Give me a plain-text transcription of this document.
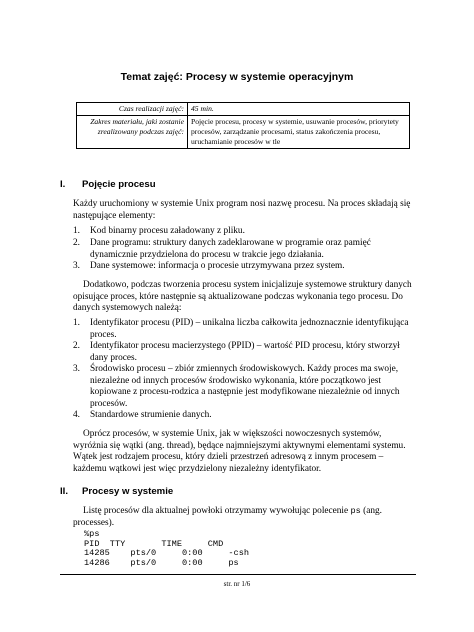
Temat zajęć: Procesy w systemie operacyjnym
Czas realizacji zajęć:	45 min.
Zakres materiału, jaki zostanie zrealizowany podczas zajęć:	Pojęcie procesu, procesy w systemie, usuwanie procesów, priorytety procesów, zarządzanie procesami, status zakończenia procesu, uruchamianie procesów w tle
I. Pojęcie procesu
Każdy uruchomiony w systemie Unix program nosi nazwę procesu. Na proces składają się następujące elementy:
1.	Kod binarny procesu załadowany z pliku.
2.	Dane programu: struktury danych zadeklarowane w programie oraz pamięć dynamicznie przydzielona do procesu w trakcie jego działania.
3.	Dane systemowe: informacja o procesie utrzymywana przez system.
Dodatkowo, podczas tworzenia procesu system inicjalizuje systemowe struktury danych opisujące proces, które następnie są aktualizowane podczas wykonania tego procesu. Do danych systemowych należą:
1.	Identyfikator procesu (PID) – unikalna liczba całkowita jednoznacznie identyfikująca proces.
2.	Identyfikator procesu macierzystego (PPID) – wartość PID procesu, który stworzył dany proces.
3.	Środowisko procesu – zbiór zmiennych środowiskowych. Każdy proces ma swoje, niezależne od innych procesów środowisko wykonania, które początkowo jest kopiowane z procesu-rodzica a następnie jest modyfikowane niezależnie od innych procesów.
4.	Standardowe strumienie danych.
Oprócz procesów, w systemie Unix, jak w większości nowoczesnych systemów, wyróżnia się wątki (ang. thread), będące najmniejszymi aktywnymi elementami systemu. Wątek jest rodzajem procesu, który dzieli przestrzeń adresową z innym procesem – każdemu wątkowi jest więc przydzielony niezależny identyfikator.
II. Procesy w systemie
Listę procesów dla aktualnej powłoki otrzymamy wywołując polecenie ps (ang. processes).
%ps
PID  TTY       TIME     CMD
14285    pts/0     0:00     -csh
14286    pts/0     0:00     ps
str. nr 1/6
